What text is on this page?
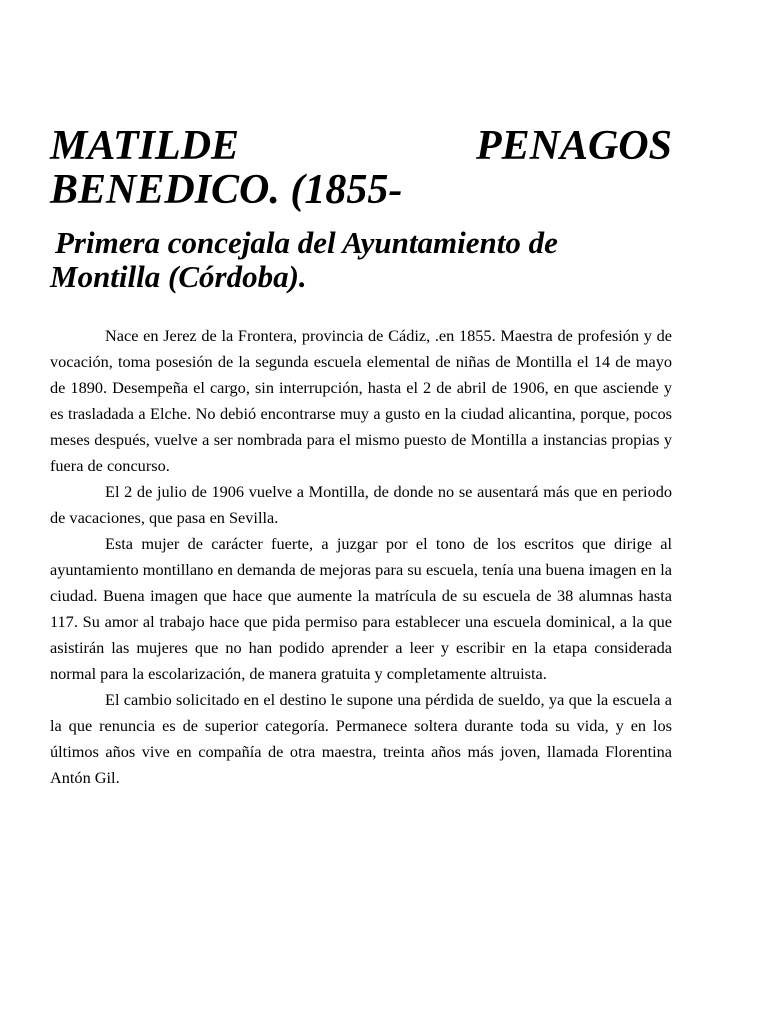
MATILDE PENAGOS
BENEDICO. (1855-
Primera concejala del Ayuntamiento de Montilla (Córdoba).

Nace en Jerez de la Frontera, provincia de Cádiz, .en 1855. Maestra de profesión y de vocación, toma posesión de la segunda escuela elemental de niñas de Montilla el 14 de mayo de 1890. Desempeña el cargo, sin interrupción, hasta el 2 de abril de 1906, en que asciende y es trasladada a Elche. No debió encontrarse muy a gusto en la ciudad alicantina, porque, pocos meses después, vuelve a ser nombrada para el mismo puesto de Montilla a instancias propias y fuera de concurso.

El 2 de julio de 1906 vuelve a Montilla, de donde no se ausentará más que en periodo de vacaciones, que pasa en Sevilla.

Esta mujer de carácter fuerte, a juzgar por el tono de los escritos que dirige al ayuntamiento montillano en demanda de mejoras para su escuela, tenía una buena imagen en la ciudad. Buena imagen que hace que aumente la matrícula de su escuela de 38 alumnas hasta 117. Su amor al trabajo hace que pida permiso para establecer una escuela dominical, a la que asistirán las mujeres que no han podido aprender a leer y escribir en la etapa considerada normal para la escolarización, de manera gratuita y completamente altruista.

El cambio solicitado en el destino le supone una pérdida de sueldo, ya que la escuela a la que renuncia es de superior categoría. Permanece soltera durante toda su vida, y en los últimos años vive en compañía de otra maestra, treinta años más joven, llamada Florentina Antón Gil.
